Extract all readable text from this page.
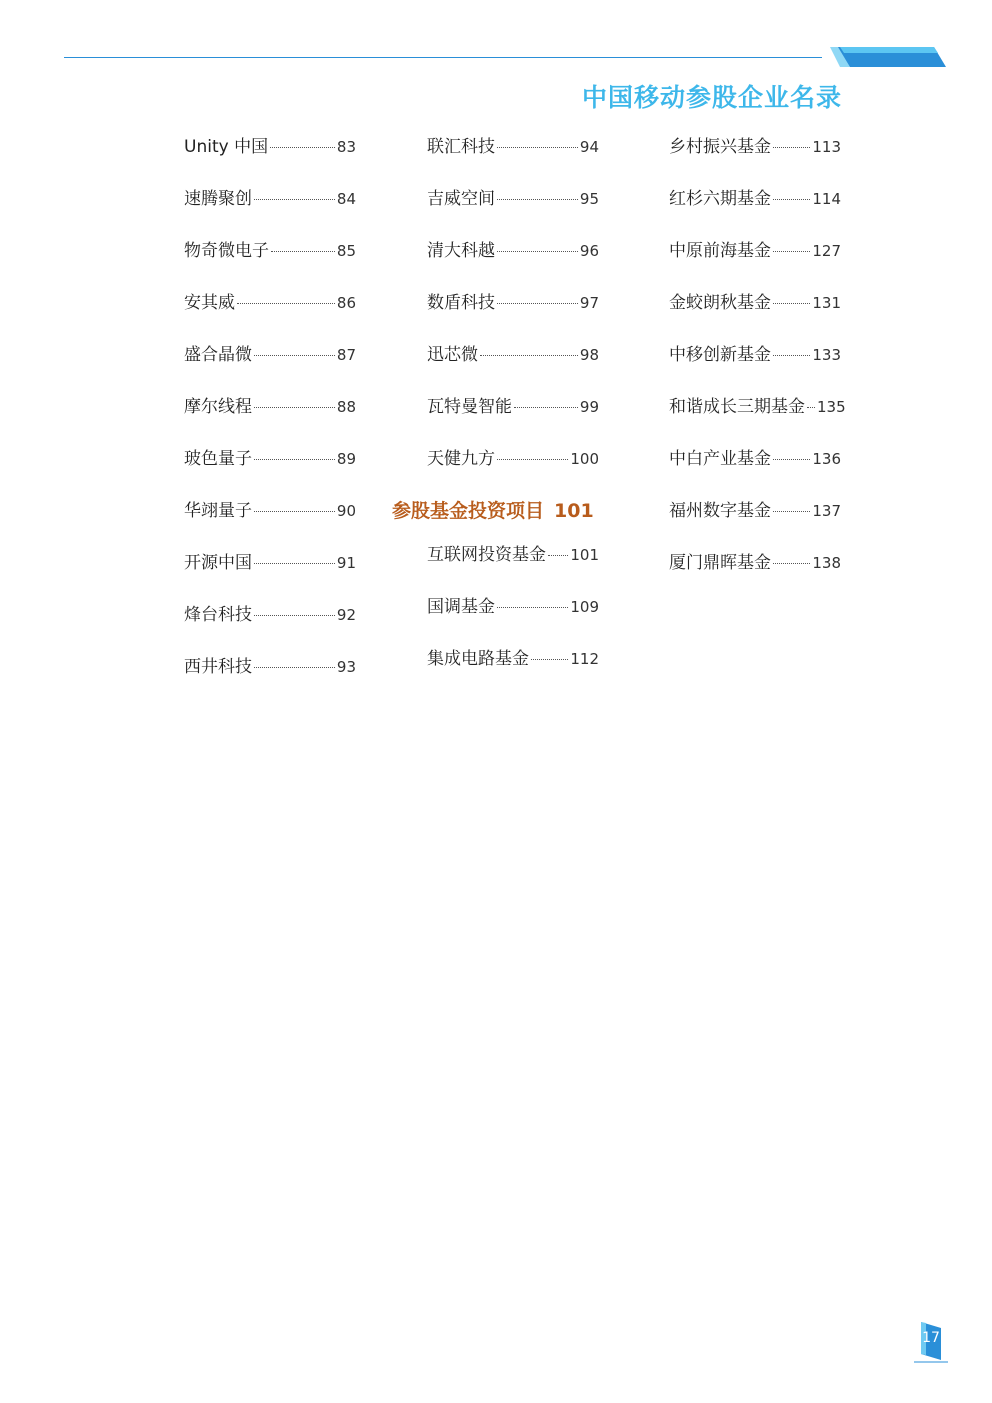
中国移动参股企业名录
Unity 中国	83
速腾聚创	84
物奇微电子	85
安其威	86
盛合晶微	87
摩尔线程	88
玻色量子	89
华翊量子	90
开源中国	91
烽台科技	92
西井科技	93
联汇科技	94
吉威空间	95
清大科越	96
数盾科技	97
迅芯微	98
瓦特曼智能	99
天健九方	100
参股基金投资项目 101
互联网投资基金 101
国调基金	109
集成电路基金	112
乡村振兴基金	113
红杉六期基金	114
中原前海基金	127
金蛟朗秋基金	131
中移创新基金	133
和谐成长三期基金 135
中白产业基金	136
福州数字基金	137
厦门鼎晖基金	138
17
